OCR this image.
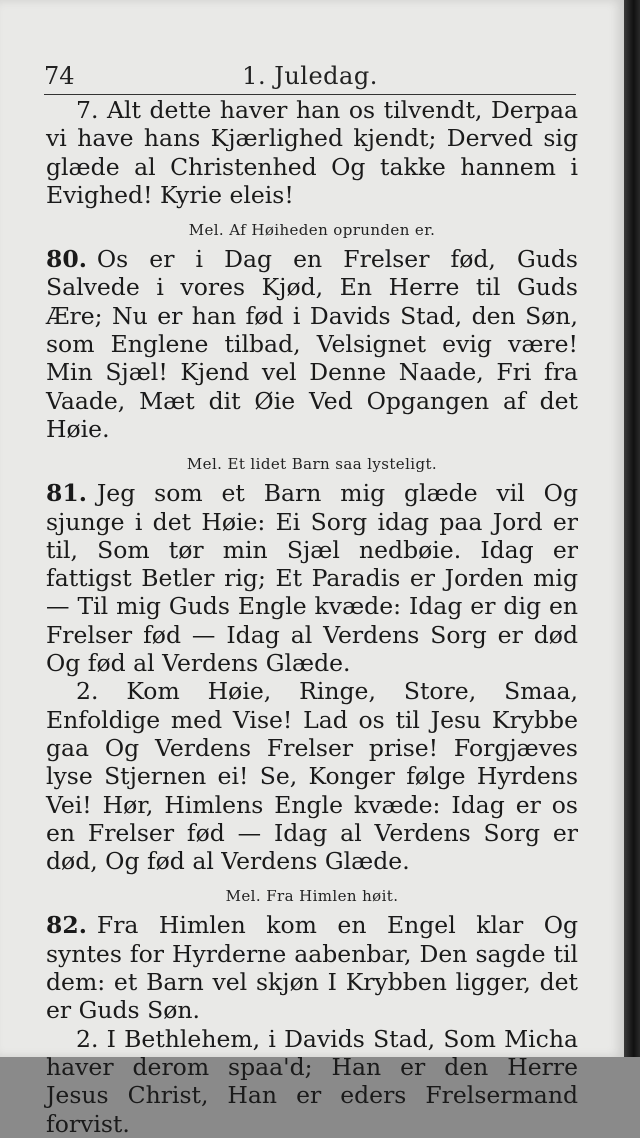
74	1. Juledag.

7. Alt dette haver han os tilvendt, Derpaa vi have hans Kjærlighed kjendt; Derved sig glæde al Christenhed Og takke hannem i Evighed! Kyrie eleis!

Mel. Af Høiheden oprunden er.

80. Os er i Dag en Frelser fød, Guds Salvede i vores Kjød, En Herre til Guds Ære; Nu er han fød i Davids Stad, den Søn, som Englene tilbad, Velsignet evig være! Min Sjæl! Kjend vel Denne Naade, Fri fra Vaade, Mæt dit Øie Ved Opgangen af det Høie.

Mel. Et lidet Barn saa lysteligt.

81. Jeg som et Barn mig glæde vil Og sjunge i det Høie: Ei Sorg idag paa Jord er til, Som tør min Sjæl nedbøie. Idag er fattigst Betler rig; Et Paradis er Jorden mig — Til mig Guds Engle kvæde: Idag er dig en Frelser fød — Idag al Verdens Sorg er død Og fød al Verdens Glæde.

2. Kom Høie, Ringe, Store, Smaa, Enfoldige med Vise! Lad os til Jesu Krybbe gaa Og Verdens Frelser prise! Forgjæves lyse Stjernen ei! Se, Konger følge Hyrdens Vei! Hør, Himlens Engle kvæde: Idag er os en Frelser fød — Idag al Verdens Sorg er død, Og fød al Verdens Glæde.

Mel. Fra Himlen høit.

82. Fra Himlen kom en Engel klar Og syntes for Hyrderne aabenbar, Den sagde til dem: et Barn vel skjøn I Krybben ligger, det er Guds Søn.

2. I Bethlehem, i Davids Stad, Som Micha haver derom spaa'd; Han er den Herre Jesus Christ, Han er eders Frelsermand forvist.
